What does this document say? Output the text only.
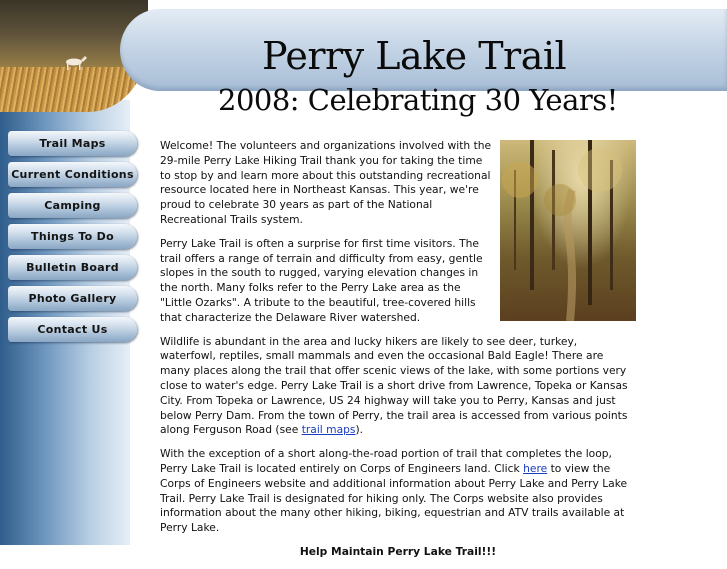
Perry Lake Trail
2008: Celebrating 30 Years!
Trail Maps
Current Conditions
Camping
Things To Do
Bulletin Board
Photo Gallery
Contact Us

Welcome! The volunteers and organizations involved with the 29-mile Perry Lake Hiking Trail thank you for taking the time to stop by and learn more about this outstanding recreational resource located here in Northeast Kansas. This year, we're proud to celebrate 30 years as part of the National Recreational Trails system.

Perry Lake Trail is often a surprise for first time visitors. The trail offers a range of terrain and difficulty from easy, gentle slopes in the south to rugged, varying elevation changes in the north. Many folks refer to the Perry Lake area as the "Little Ozarks". A tribute to the beautiful, tree-covered hills that characterize the Delaware River watershed.

Wildlife is abundant in the area and lucky hikers are likely to see deer, turkey, waterfowl, reptiles, small mammals and even the occasional Bald Eagle! There are many places along the trail that offer scenic views of the lake, with some portions very close to water's edge. Perry Lake Trail is a short drive from Lawrence, Topeka or Kansas City. From Topeka or Lawrence, US 24 highway will take you to Perry, Kansas and just below Perry Dam. From the town of Perry, the trail area is accessed from various points along Ferguson Road (see trail maps).

With the exception of a short along-the-road portion of trail that completes the loop, Perry Lake Trail is located entirely on Corps of Engineers land. Click here to view the Corps of Engineers website and additional information about Perry Lake and Perry Lake Trail. Perry Lake Trail is designated for hiking only. The Corps website also provides information about the many other hiking, biking, equestrian and ATV trails available at Perry Lake.

Help Maintain Perry Lake Trail!!!
